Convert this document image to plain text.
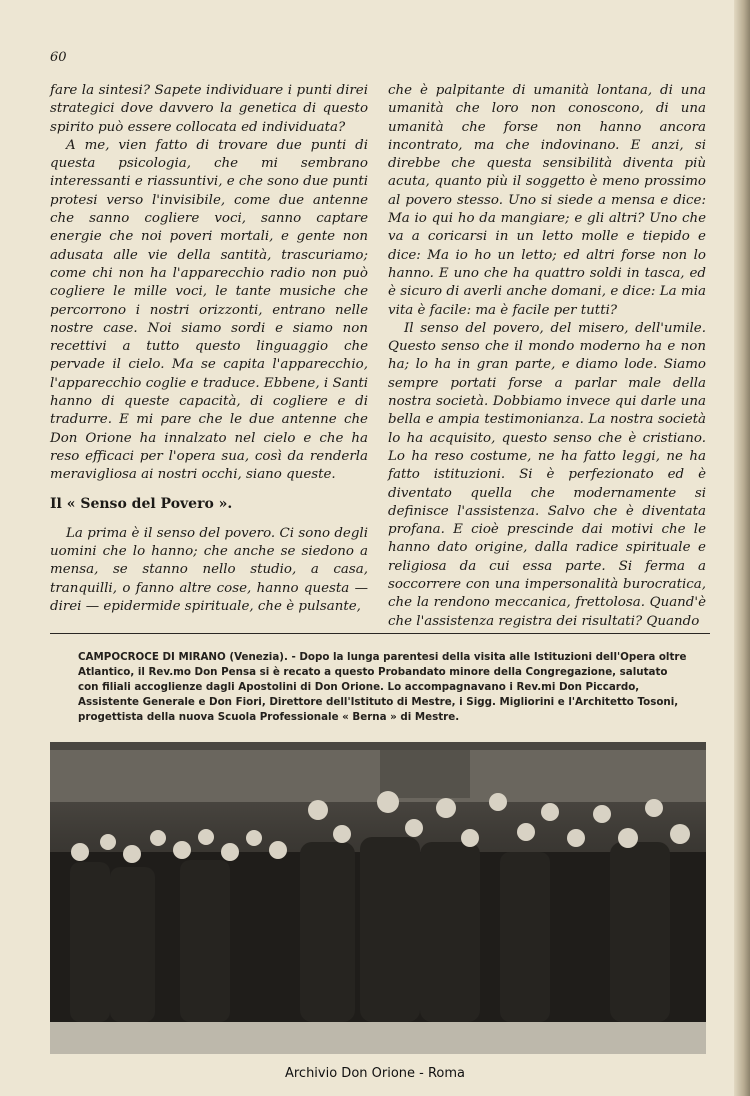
60

fare la sintesi? Sapete individuare i punti direi strategici dove davvero la genetica di questo spirito può essere collocata ed individuata?

A me, vien fatto di trovare due punti di questa psicologia, che mi sembrano interessanti e riassuntivi, e che sono due punti protesi verso l'invisibile, come due antenne che sanno cogliere voci, sanno captare energie che noi poveri mortali, e gente non adusata alle vie della santità, trascuriamo; come chi non ha l'apparecchio radio non può cogliere le mille voci, le tante musiche che percorrono i nostri orizzonti, entrano nelle nostre case. Noi siamo sordi e siamo non recettivi a tutto questo linguaggio che pervade il cielo. Ma se capita l'apparecchio, l'apparecchio coglie e traduce. Ebbene, i Santi hanno di queste capacità, di cogliere e di tradurre. E mi pare che le due antenne che Don Orione ha innalzato nel cielo e che ha reso efficaci per l'opera sua, così da renderla meravigliosa ai nostri occhi, siano queste.

Il « Senso del Povero ».

La prima è il senso del povero. Ci sono degli uomini che lo hanno; che anche se siedono a mensa, se stanno nello studio, a casa, tranquilli, o fanno altre cose, hanno questa — direi — epidermide spirituale, che è pulsante,

che è palpitante di umanità lontana, di una umanità che loro non conoscono, di una umanità che forse non hanno ancora incontrato, ma che indovinano. E anzi, si direbbe che questa sensibilità diventa più acuta, quanto più il soggetto è meno prossimo al povero stesso. Uno si siede a mensa e dice: Ma io qui ho da mangiare; e gli altri? Uno che va a coricarsi in un letto molle e tiepido e dice: Ma io ho un letto; ed altri forse non lo hanno. E uno che ha quattro soldi in tasca, ed è sicuro di averli anche domani, e dice: La mia vita è facile: ma è facile per tutti?

Il senso del povero, del misero, dell'umile. Questo senso che il mondo moderno ha e non ha; lo ha in gran parte, e diamo lode. Siamo sempre portati forse a parlar male della nostra società. Dobbiamo invece qui darle una bella e ampia testimonianza. La nostra società lo ha acquisito, questo senso che è cristiano. Lo ha reso costume, ne ha fatto leggi, ne ha fatto istituzioni. Si è perfezionato ed è diventato quella che modernamente si definisce l'assistenza. Salvo che è diventata profana. E cioè prescinde dai motivi che le hanno dato origine, dalla radice spirituale e religiosa da cui essa parte. Si ferma a soccorrere con una impersonalità burocratica, che la rendono meccanica, frettolosa. Quand'è che l'assistenza registra dei risultati? Quando

CAMPOCROCE DI MIRANO (Venezia). - Dopo la lunga parentesi della visita alle Istituzioni dell'Opera oltre Atlantico, il Rev.mo Don Pensa si è recato a questo Probandato minore della Congregazione, salutato con filiali accoglienze dagli Apostolini di Don Orione. Lo accompagnavano i Rev.mi Don Piccardo, Assistente Generale e Don Fiori, Direttore dell'Istituto di Mestre, i Sigg. Migliorini e l'Architetto Tosoni, progettista della nuova Scuola Professionale « Berna » di Mestre.
Archivio Don Orione - Roma
